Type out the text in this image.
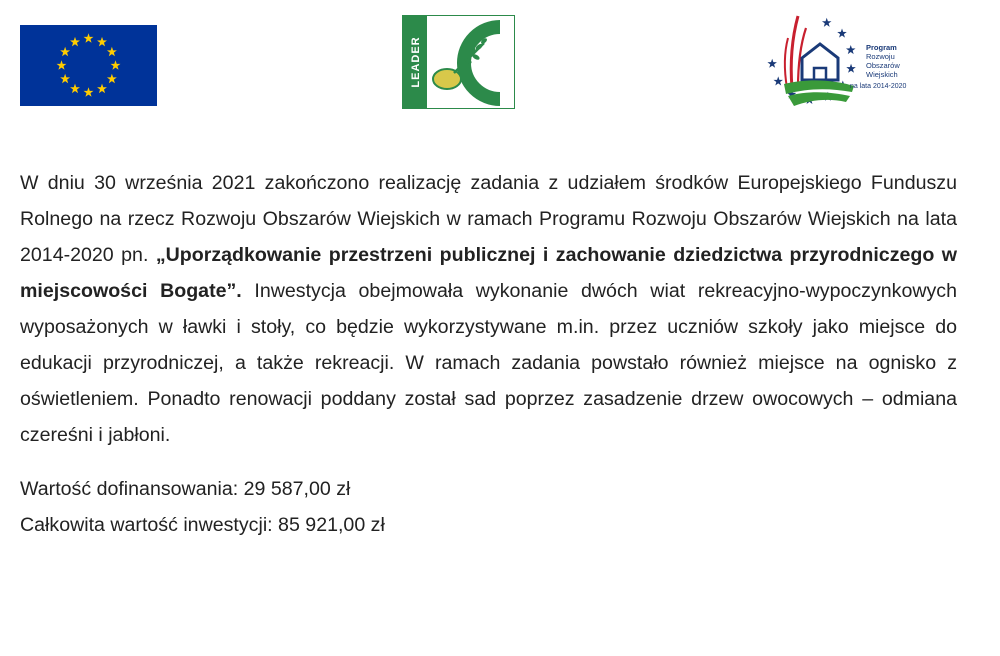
LEADER	Program
Rozwoju
Obszarów
Wiejskich
na lata 2014-2020

W dniu 30 września 2021 zakończono realizację zadania z udziałem środków Europejskiego Funduszu Rolnego na rzecz Rozwoju Obszarów Wiejskich w ramach Programu Rozwoju Obszarów Wiejskich na lata 2014-2020 pn. „Uporządkowanie przestrzeni publicznej i zachowanie dziedzictwa przyrodniczego w miejscowości Bogate”. Inwestycja obejmowała wykonanie dwóch wiat rekreacyjno-wypoczynkowych wyposażonych w ławki i stoły, co będzie wykorzystywane m.in. przez uczniów szkoły jako miejsce do edukacji przyrodniczej, a także rekreacji. W ramach zadania powstało również miejsce na ognisko z oświetleniem. Ponadto renowacji poddany został sad poprzez zasadzenie drzew owocowych – odmiana czereśni i jabłoni.

Wartość dofinansowania: 29 587,00 zł
Całkowita wartość inwestycji: 85 921,00 zł
